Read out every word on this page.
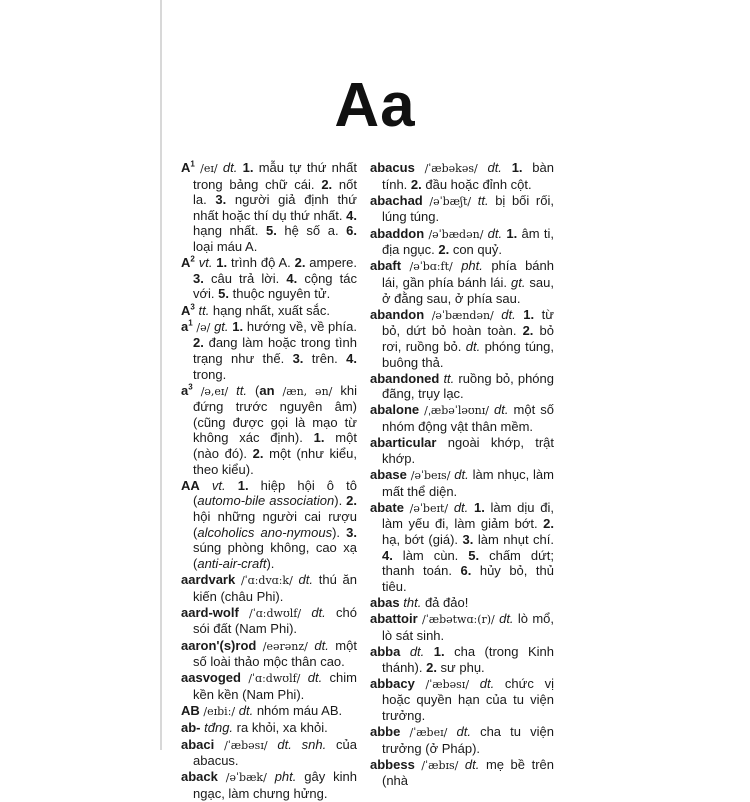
Aa

$A^1$ /eɪ/ dt. 1. mẫu tự thứ nhất trong bảng chữ cái. 2. nốt la. 3. người giả định thứ nhất hoặc thí dụ thứ nhất. 4. hạng nhất. 5. hệ số a. 6. loại máu A.

$A^2$ vt. 1. trình độ A. 2. ampere. 3. câu trả lời. 4. cộng tác với. 5. thuộc nguyên tử.

$A^3$ tt. hạng nhất, xuất sắc.

$a^1$ /ə/ gt. 1. hướng về, về phía. 2. đang làm hoặc trong tình trạng như thế. 3. trên. 4. trong.

$a^3$ /ə,eɪ/ tt. (an /æn, ən/ khi đứng trước nguyên âm) (cũng được gọi là mạo từ không xác định). 1. một (nào đó). 2. một (như kiểu, theo kiểu).

AA vt. 1. hiệp hội ô tô (automo-bile association). 2. hội những người cai rượu (alcoholics ano-nymous). 3. súng phòng không, cao xạ (anti-air-craft).

aardvark /ˈɑːdvɑːk/ dt. thú ăn kiến (châu Phi).

aard-wolf /ˈɑːdwʊlf/ dt. chó sói đất (Nam Phi).

aaron'(s)rod /eərənz/ dt. một số loài thảo mộc thân cao.

aasvoged /ˈɑːdwʊlf/ dt. chim kền kền (Nam Phi).

AB /eɪbiː/ dt. nhóm máu AB.

ab- tđng. ra khỏi, xa khỏi.

abaci /ˈæbəsɪ/ dt. snh. của abacus.

aback /əˈbæk/ pht. gây kinh ngạc, làm chưng hửng.

abacus /ˈæbəkəs/ dt. 1. bàn tính. 2. đầu hoặc đỉnh cột.

abachad /əˈbæʃt/ tt. bị bối rối, lúng túng.

abaddon /əˈbædən/ dt. 1. âm ti, địa ngục. 2. con quỷ.

abaft /əˈbɑːft/ pht. phía bánh lái, gần phía bánh lái. gt. sau, ở đằng sau, ở phía sau.

abandon /əˈbændən/ dt. 1. từ bỏ, dứt bỏ hoàn toàn. 2. bỏ rơi, ruồng bỏ. dt. phóng túng, buông thả.

abandoned tt. ruồng bỏ, phóng đãng, trụy lạc.

abalone /ˌæbəˈləʊnɪ/ dt. một số nhóm động vật thân mềm.

abarticular ngoài khớp, trật khớp.

abase /əˈbeɪs/ dt. làm nhục, làm mất thể diện.

abate /əˈbeɪt/ dt. 1. làm dịu đi, làm yếu đi, làm giảm bớt. 2. hạ, bớt (giá). 3. làm nhụt chí. 4. làm cùn. 5. chấm dứt; thanh toán. 6. hủy bỏ, thủ tiêu.

abas tht. đả đảo!

abattoir /ˈæbətwɑː(r)/ dt. lò mổ, lò sát sinh.

abba dt. 1. cha (trong Kinh thánh). 2. sư phụ.

abbacy /ˈæbəsɪ/ dt. chức vị hoặc quyền hạn của tu viện trưởng.

abbe /ˈæbeɪ/ dt. cha tu viện trưởng (ở Pháp).

abbess /ˈæbɪs/ dt. mẹ bề trên (nhà
